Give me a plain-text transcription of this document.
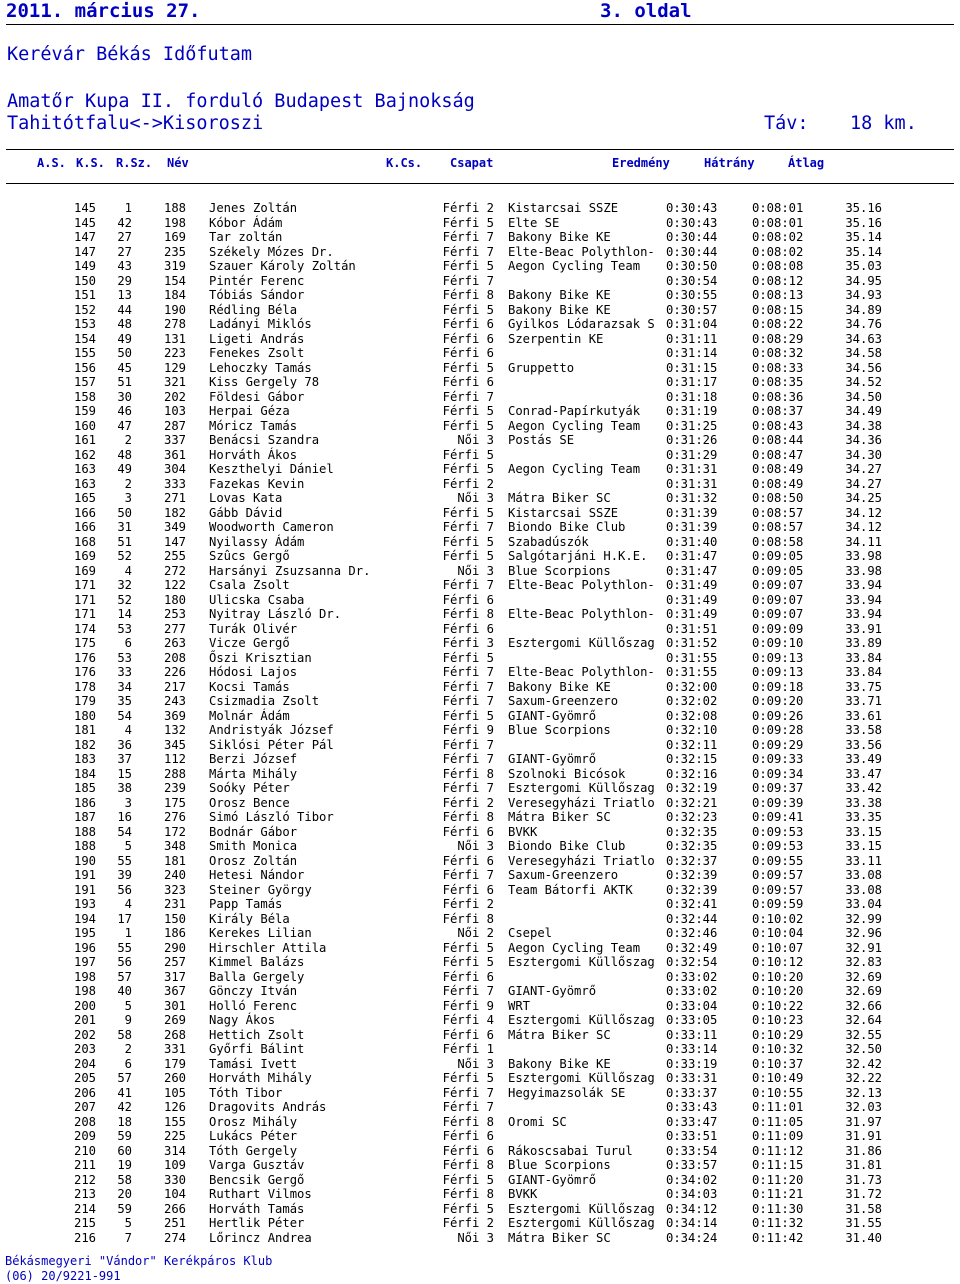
2011. március 27.	3. oldal
Kerévár Békás Időfutam
Amatőr Kupa II. forduló Budapest Bajnokság
Tahitótfalu<->Kisoroszi	Táv: 18 km.
A.S. K.S. R.Sz. Név	K.Cs. Csapat	Eredmény	Hátrány	Átlag
145	1	188 Jenes Zoltán	Férfi 2 Kistarcsai SSZE	0:30:43	0:08:01	35.16
145	42	198 Kóbor Ádám	Férfi 5 Elte SE	0:30:43	0:08:01	35.16
147	27	169 Tar zoltán	Férfi 7 Bakony Bike KE	0:30:44	0:08:02	35.14
147	27	235 Székely Mózes Dr.	Férfi 7 Elte-Beac Polythlon- 0:30:44	0:08:02	35.14
149	43	319 Szauer Károly Zoltán	Férfi 5 Aegon Cycling Team	0:30:50	0:08:08	35.03
150	29	154 Pintér Ferenc	Férfi 7	0:30:54	0:08:12	34.95
151	13	184 Tóbiás Sándor	Férfi 8 Bakony Bike KE	0:30:55	0:08:13	34.93
152	44	190 Rédling Béla	Férfi 5 Bakony Bike KE	0:30:57	0:08:15	34.89
153	48	278 Ladányi Miklós	Férfi 6 Gyilkos Lódarazsak S 0:31:04	0:08:22	34.76
154	49	131 Ligeti András	Férfi 6 Szerpentin KE	0:31:11	0:08:29	34.63
155	50	223 Fenekes Zsolt	Férfi 6	0:31:14	0:08:32	34.58
156	45	129 Lehoczky Tamás	Férfi 5 Gruppetto	0:31:15	0:08:33	34.56
157	51	321 Kiss Gergely 78	Férfi 6	0:31:17	0:08:35	34.52
158	30	202 Földesi Gábor	Férfi 7	0:31:18	0:08:36	34.50
159	46	103 Herpai Géza	Férfi 5 Conrad-Papírkutyák	0:31:19	0:08:37	34.49
160	47	287 Móricz Tamás	Férfi 5 Aegon Cycling Team	0:31:25	0:08:43	34.38
161	2	337 Benácsi Szandra	Női 3 Postás SE	0:31:26	0:08:44	34.36
162	48	361 Horváth Ákos	Férfi 5	0:31:29	0:08:47	34.30
163	49	304 Keszthelyi Dániel	Férfi 5 Aegon Cycling Team	0:31:31	0:08:49	34.27
163	2	333 Fazekas Kevin	Férfi 2	0:31:31	0:08:49	34.27
165	3	271 Lovas Kata	Női 3 Mátra Biker SC	0:31:32	0:08:50	34.25
166	50	182 Gább Dávid	Férfi 5 Kistarcsai SSZE	0:31:39	0:08:57	34.12
166	31	349 Woodworth Cameron	Férfi 7 Biondo Bike Club	0:31:39	0:08:57	34.12
168	51	147 Nyilassy Ádám	Férfi 5 Szabadúszók	0:31:40	0:08:58	34.11
169	52	255 Szûcs Gergő	Férfi 5 Salgótarjáni H.K.E.	0:31:47	0:09:05	33.98
169	4	272 Harsányi Zsuzsanna Dr.	Női 3 Blue Scorpions	0:31:47	0:09:05	33.98
171	32	122 Csala Zsolt	Férfi 7 Elte-Beac Polythlon- 0:31:49	0:09:07	33.94
171	52	180 Ulicska Csaba	Férfi 6	0:31:49	0:09:07	33.94
171	14	253 Nyitray László Dr.	Férfi 8 Elte-Beac Polythlon- 0:31:49	0:09:07	33.94
174	53	277 Turák Olivér	Férfi 6	0:31:51	0:09:09	33.91
175	6	263 Vicze Gergő	Férfi 3 Esztergomi Küllőszag 0:31:52	0:09:10	33.89
176	53	208 Őszi Krisztian	Férfi 5	0:31:55	0:09:13	33.84
176	33	226 Hódosi Lajos	Férfi 7 Elte-Beac Polythlon- 0:31:55	0:09:13	33.84
178	34	217 Kocsi Tamás	Férfi 7 Bakony Bike KE	0:32:00	0:09:18	33.75
179	35	243 Csizmadia Zsolt	Férfi 7 Saxum-Greenzero	0:32:02	0:09:20	33.71
180	54	369 Molnár Ádám	Férfi 5 GIANT-Gyömrő	0:32:08	0:09:26	33.61
181	4	132 Andristyák József	Férfi 9 Blue Scorpions	0:32:10	0:09:28	33.58
182	36	345 Siklósi Péter Pál	Férfi 7	0:32:11	0:09:29	33.56
183	37	112 Berzi József	Férfi 7 GIANT-Gyömrő	0:32:15	0:09:33	33.49
184	15	288 Márta Mihály	Férfi 8 Szolnoki Bicósok	0:32:16	0:09:34	33.47
185	38	239 Soóky Péter	Férfi 7 Esztergomi Küllőszag 0:32:19	0:09:37	33.42
186	3	175 Orosz Bence	Férfi 2 Veresegyházi Triatlo 0:32:21	0:09:39	33.38
187	16	276 Simó László Tibor	Férfi 8 Mátra Biker SC	0:32:23	0:09:41	33.35
188	54	172 Bodnár Gábor	Férfi 6 BVKK	0:32:35	0:09:53	33.15
188	5	348 Smith Monica	Női 3 Biondo Bike Club	0:32:35	0:09:53	33.15
190	55	181 Orosz Zoltán	Férfi 6 Veresegyházi Triatlo 0:32:37	0:09:55	33.11
191	39	240 Hetesi Nándor	Férfi 7 Saxum-Greenzero	0:32:39	0:09:57	33.08
191	56	323 Steiner György	Férfi 6 Team Bátorfi AKTK	0:32:39	0:09:57	33.08
193	4	231 Papp Tamás	Férfi 2	0:32:41	0:09:59	33.04
194	17	150 Király Béla	Férfi 8	0:32:44	0:10:02	32.99
195	1	186 Kerekes Lilian	Női 2 Csepel	0:32:46	0:10:04	32.96
196	55	290 Hirschler Attila	Férfi 5 Aegon Cycling Team	0:32:49	0:10:07	32.91
197	56	257 Kimmel Balázs	Férfi 5 Esztergomi Küllőszag 0:32:54	0:10:12	32.83
198	57	317 Balla Gergely	Férfi 6	0:33:02	0:10:20	32.69
198	40	367 Gönczy Itván	Férfi 7 GIANT-Gyömrő	0:33:02	0:10:20	32.69
200	5	301 Holló Ferenc	Férfi 9 WRT	0:33:04	0:10:22	32.66
201	9	269 Nagy Ákos	Férfi 4 Esztergomi Küllőszag 0:33:05	0:10:23	32.64
202	58	268 Hettich Zsolt	Férfi 6 Mátra Biker SC	0:33:11	0:10:29	32.55
203	2	331 Győrfi Bálint	Férfi 1	0:33:14	0:10:32	32.50
204	6	179 Tamási Ivett	Női 3 Bakony Bike KE	0:33:19	0:10:37	32.42
205	57	260 Horváth Mihály	Férfi 5 Esztergomi Küllőszag 0:33:31	0:10:49	32.22
206	41	105 Tóth Tibor	Férfi 7 Hegyimazsolák SE	0:33:37	0:10:55	32.13
207	42	126 Dragovits András	Férfi 7	0:33:43	0:11:01	32.03
208	18	155 Orosz Mihály	Férfi 8 Oromi SC	0:33:47	0:11:05	31.97
209	59	225 Lukács Péter	Férfi 6	0:33:51	0:11:09	31.91
210	60	314 Tóth Gergely	Férfi 6 Rákoscsabai Turul	0:33:54	0:11:12	31.86
211	19	109 Varga Gusztáv	Férfi 8 Blue Scorpions	0:33:57	0:11:15	31.81
212	58	330 Bencsik Gergő	Férfi 5 GIANT-Gyömrő	0:34:02	0:11:20	31.73
213	20	104 Ruthart Vilmos	Férfi 8 BVKK	0:34:03	0:11:21	31.72
214	59	266 Horváth Tamás	Férfi 5 Esztergomi Küllőszag 0:34:12	0:11:30	31.58
215	5	251 Hertlik Péter	Férfi 2 Esztergomi Küllőszag 0:34:14	0:11:32	31.55
216	7	274 Lőrincz Andrea	Női 3 Mátra Biker SC	0:34:24	0:11:42	31.40
Békásmegyeri "Vándor" Kerékpáros Klub
(06) 20/9221-991
